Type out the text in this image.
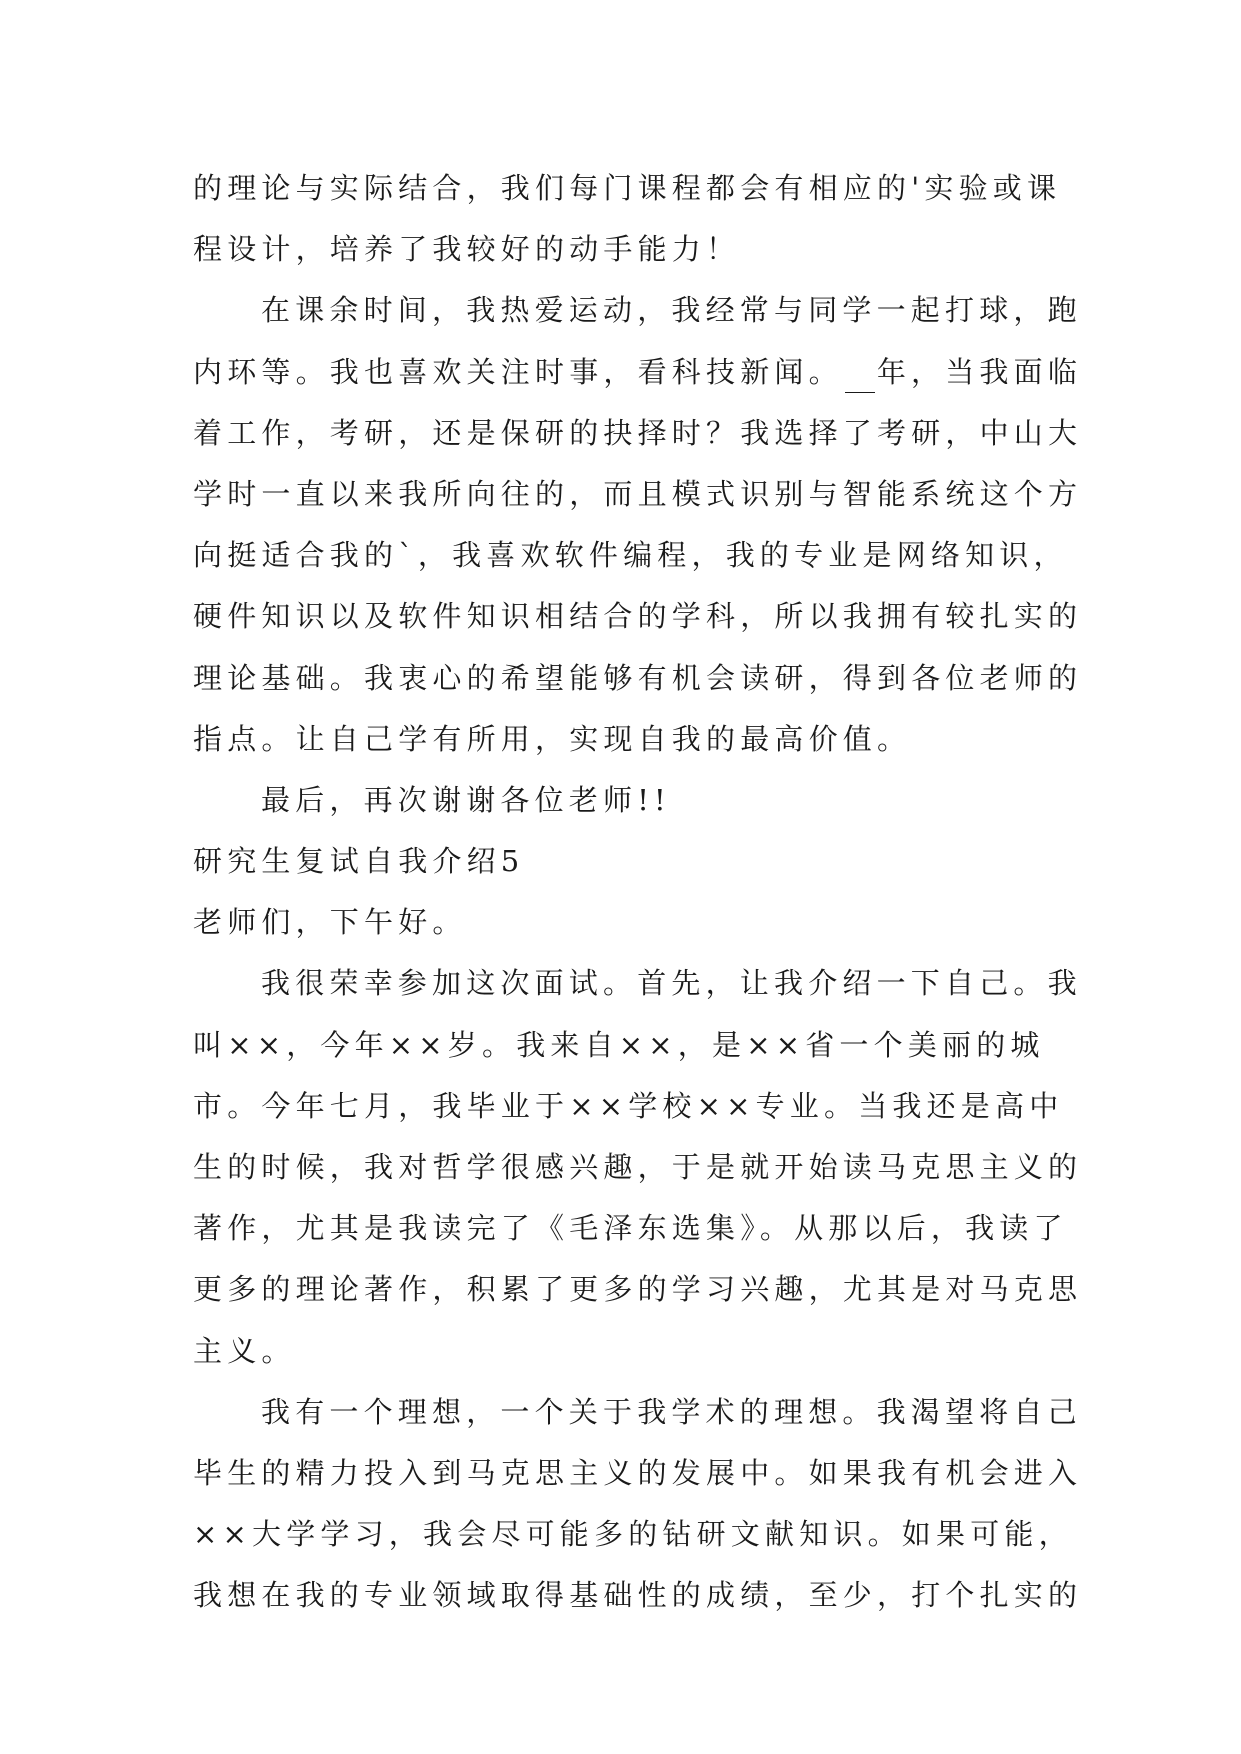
的理论与实际结合，我们每门课程都会有相应的'实验或课
程设计，培养了我较好的动手能力！
在课余时间，我热爱运动，我经常与同学一起打球，跑
内环等。我也喜欢关注时事，看科技新闻。 年，当我面临
着工作，考研，还是保研的抉择时？我选择了考研，中山大
学时一直以来我所向往的，而且模式识别与智能系统这个方
向挺适合我的`，我喜欢软件编程，我的专业是网络知识，
硬件知识以及软件知识相结合的学科，所以我拥有较扎实的
理论基础。我衷心的希望能够有机会读研，得到各位老师的
指点。让自己学有所用，实现自我的最高价值。
最后，再次谢谢各位老师!!
研究生复试自我介绍5
老师们，下午好。
我很荣幸参加这次面试。首先，让我介绍一下自己。我
叫××，今年××岁。我来自××，是××省一个美丽的城
市。今年七月，我毕业于××学校××专业。当我还是高中
生的时候，我对哲学很感兴趣，于是就开始读马克思主义的
著作，尤其是我读完了《毛泽东选集》。从那以后，我读了
更多的理论著作，积累了更多的学习兴趣，尤其是对马克思
主义。
我有一个理想，一个关于我学术的理想。我渴望将自己
毕生的精力投入到马克思主义的发展中。如果我有机会进入
××大学学习，我会尽可能多的钻研文献知识。如果可能，
我想在我的专业领域取得基础性的成绩，至少，打个扎实的
